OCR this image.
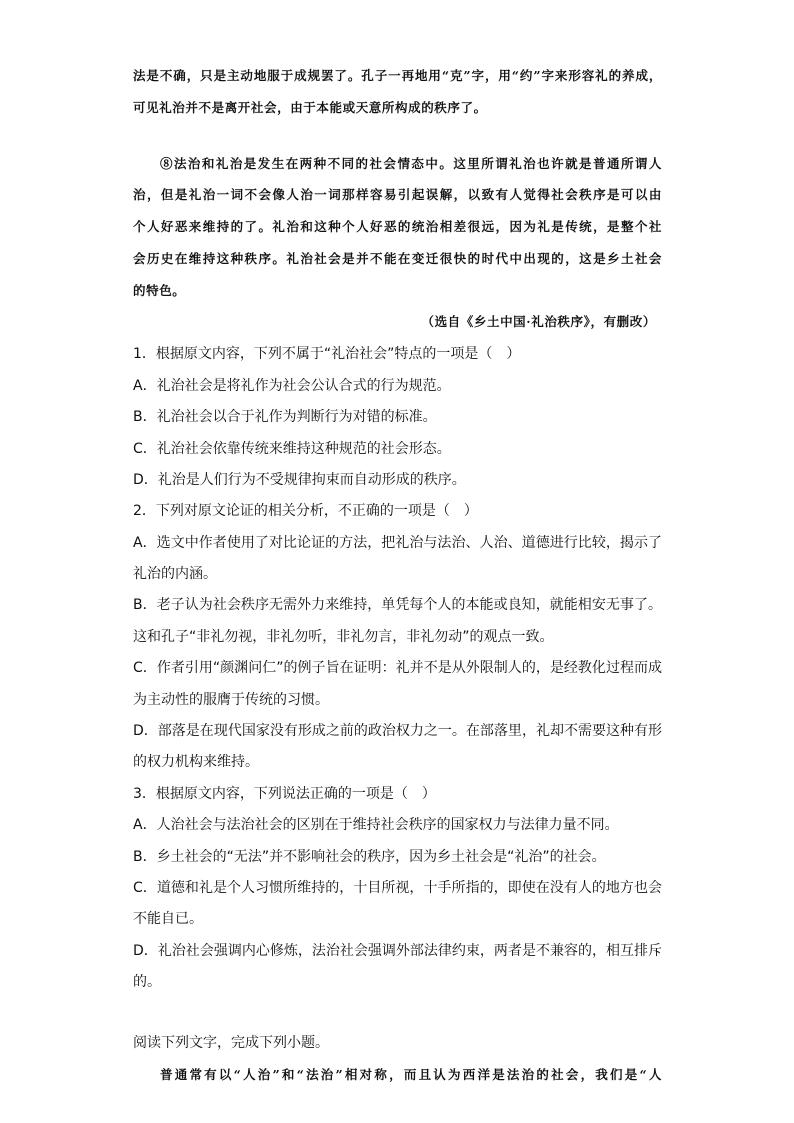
法是不确，只是主动地服于成规罢了。孔子一再地用“克”字，用“约”字来形容礼的养成，
可见礼治并不是离开社会，由于本能或天意所构成的秩序了。
⑧法治和礼治是发生在两种不同的社会情态中。这里所谓礼治也许就是普通所谓人
治，但是礼治一词不会像人治一词那样容易引起误解，以致有人觉得社会秩序是可以由
个人好恶来维持的了。礼治和这种个人好恶的统治相差很远，因为礼是传统，是整个社
会历史在维持这种秩序。礼治社会是并不能在变迁很快的时代中出现的，这是乡土社会
的特色。
（选自《乡土中国·礼治秩序》，有删改）
1．根据原文内容，下列不属于“礼治社会”特点的一项是（　）
A．礼治社会是将礼作为社会公认合式的行为规范。
B．礼治社会以合于礼作为判断行为对错的标准。
C．礼治社会依靠传统来维持这种规范的社会形态。
D．礼治是人们行为不受规律拘束而自动形成的秩序。
2．下列对原文论证的相关分析，不正确的一项是（　）
A．选文中作者使用了对比论证的方法，把礼治与法治、人治、道德进行比较，揭示了
礼治的内涵。
B．老子认为社会秩序无需外力来维持，单凭每个人的本能或良知，就能相安无事了。
这和孔子“非礼勿视，非礼勿听，非礼勿言，非礼勿动”的观点一致。
C．作者引用“颜渊问仁”的例子旨在证明：礼并不是从外限制人的，是经教化过程而成
为主动性的服膺于传统的习惯。
D．部落是在现代国家没有形成之前的政治权力之一。在部落里，礼却不需要这种有形
的权力机构来维持。
3．根据原文内容，下列说法正确的一项是（　）
A．人治社会与法治社会的区别在于维持社会秩序的国家权力与法律力量不同。
B．乡土社会的“无法”并不影响社会的秩序，因为乡土社会是“礼治”的社会。
C．道德和礼是个人习惯所维持的，十目所视，十手所指的，即使在没有人的地方也会
不能自已。
D．礼治社会强调内心修炼，法治社会强调外部法律约束，两者是不兼容的，相互排斥
的。
阅读下列文字，完成下列小题。
普通常有以“人治”和“法治”相对称，而且认为西洋是法治的社会，我们是“人
